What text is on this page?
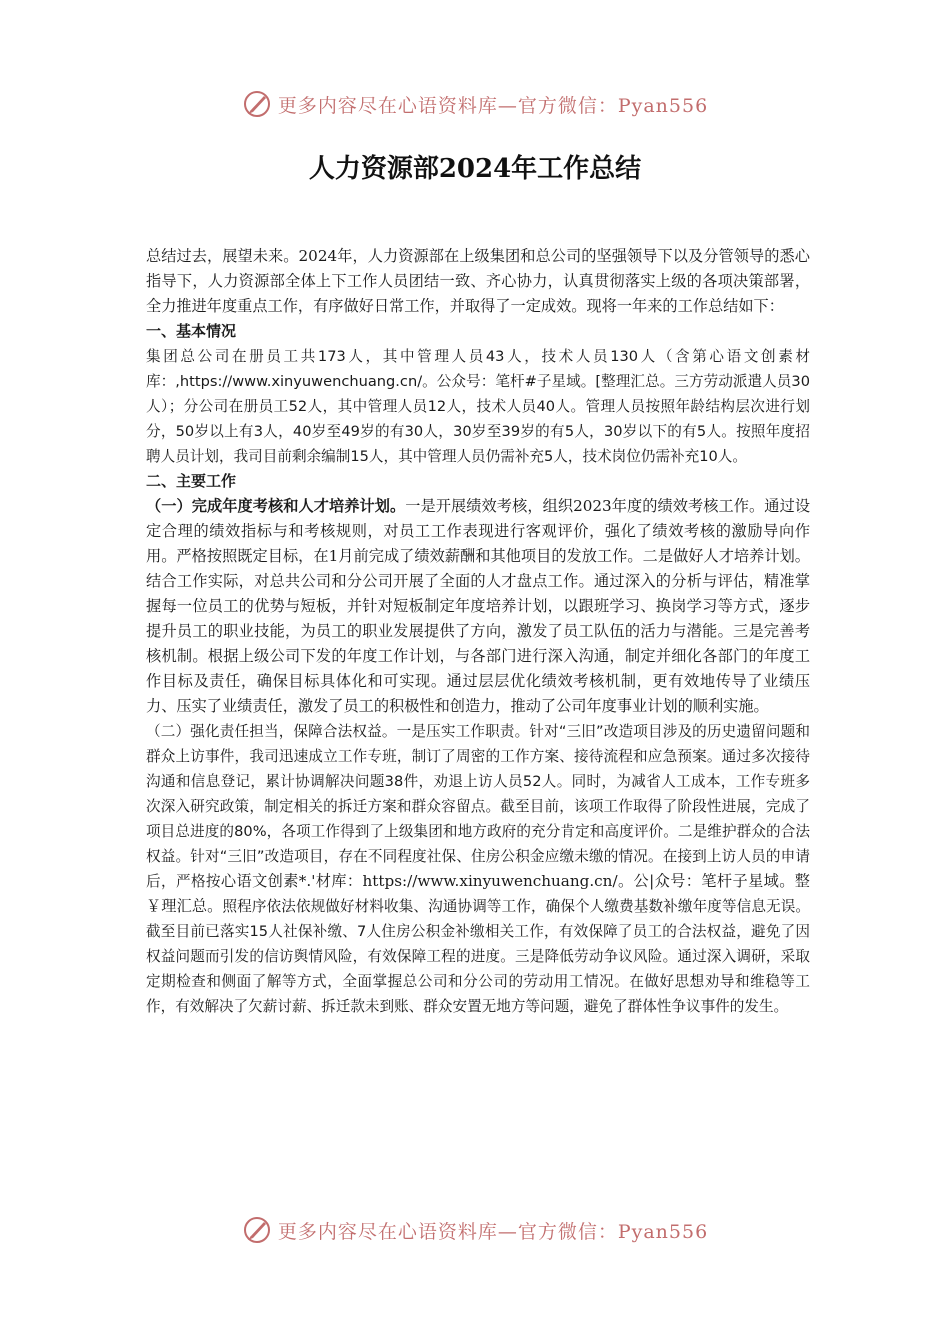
更多内容尽在心语资料库—官方微信：Pyan556
人力资源部2024年工作总结

总结过去，展望未来。2024年，人力资源部在上级集团和总公司的坚强领导下以及分管领导的悉心指导下，人力资源部全体上下工作人员团结一致、齐心协力，认真贯彻落实上级的各项决策部署，全力推进年度重点工作，有序做好日常工作，并取得了一定成效。现将一年来的工作总结如下：

一、基本情况

集团总公司在册员工共173人，其中管理人员43人，技术人员130人（含第心语文创素材库：,https://www.xinyuwenchuang.cn/。公众号：笔杆#子星域。[整理汇总。三方劳动派遣人员30人）；分公司在册员工52人，其中管理人员12人，技术人员40人。管理人员按照年龄结构层次进行划分，50岁以上有3人，40岁至49岁的有30人，30岁至39岁的有5人，30岁以下的有5人。按照年度招聘人员计划，我司目前剩余编制15人，其中管理人员仍需补充5人，技术岗位仍需补充10人。

二、主要工作

（一）完成年度考核和人才培养计划。一是开展绩效考核，组织2023年度的绩效考核工作。通过设定合理的绩效指标与和考核规则，对员工工作表现进行客观评价，强化了绩效考核的激励导向作用。严格按照既定目标，在1月前完成了绩效薪酬和其他项目的发放工作。二是做好人才培养计划。结合工作实际，对总共公司和分公司开展了全面的人才盘点工作。通过深入的分析与评估，精准掌握每一位员工的优势与短板，并针对短板制定年度培养计划，以跟班学习、换岗学习等方式，逐步提升员工的职业技能，为员工的职业发展提供了方向，激发了员工队伍的活力与潜能。三是完善考核机制。根据上级公司下发的年度工作计划，与各部门进行深入沟通，制定并细化各部门的年度工作目标及责任，确保目标具体化和可实现。通过层层优化绩效考核机制，更有效地传导了业绩压力、压实了业绩责任，激发了员工的积极性和创造力，推动了公司年度事业计划的顺利实施。

（二）强化责任担当，保障合法权益。一是压实工作职责。针对“三旧”改造项目涉及的历史遗留问题和群众上访事件，我司迅速成立工作专班，制订了周密的工作方案、接待流程和应急预案。通过多次接待沟通和信息登记，累计协调解决问题38件，劝退上访人员52人。同时，为减省人工成本，工作专班多次深入研究政策，制定相关的拆迁方案和群众容留点。截至目前，该项工作取得了阶段性进展，完成了项目总进度的80%，各项工作得到了上级集团和地方政府的充分肯定和高度评价。二是维护群众的合法权益。针对“三旧”改造项目，存在不同程度社保、住房公积金应缴未缴的情况。在接到上访人员的申请后，严格按心语文创素*.'材库：https://www.xinyuwenchuang.cn/。公|众号：笔杆子星域。整￥理汇总。照程序依法依规做好材料收集、沟通协调等工作，确保个人缴费基数补缴年度等信息无误。截至目前已落实15人社保补缴、7人住房公积金补缴相关工作，有效保障了员工的合法权益，避免了因权益问题而引发的信访舆情风险，有效保障工程的进度。三是降低劳动争议风险。通过深入调研，采取定期检查和侧面了解等方式，全面掌握总公司和分公司的劳动用工情况。在做好思想劝导和维稳等工作，有效解决了欠薪讨薪、拆迁款未到账、群众安置无地方等问题，避免了群体性争议事件的发生。

更多内容尽在心语资料库—官方微信：Pyan556
